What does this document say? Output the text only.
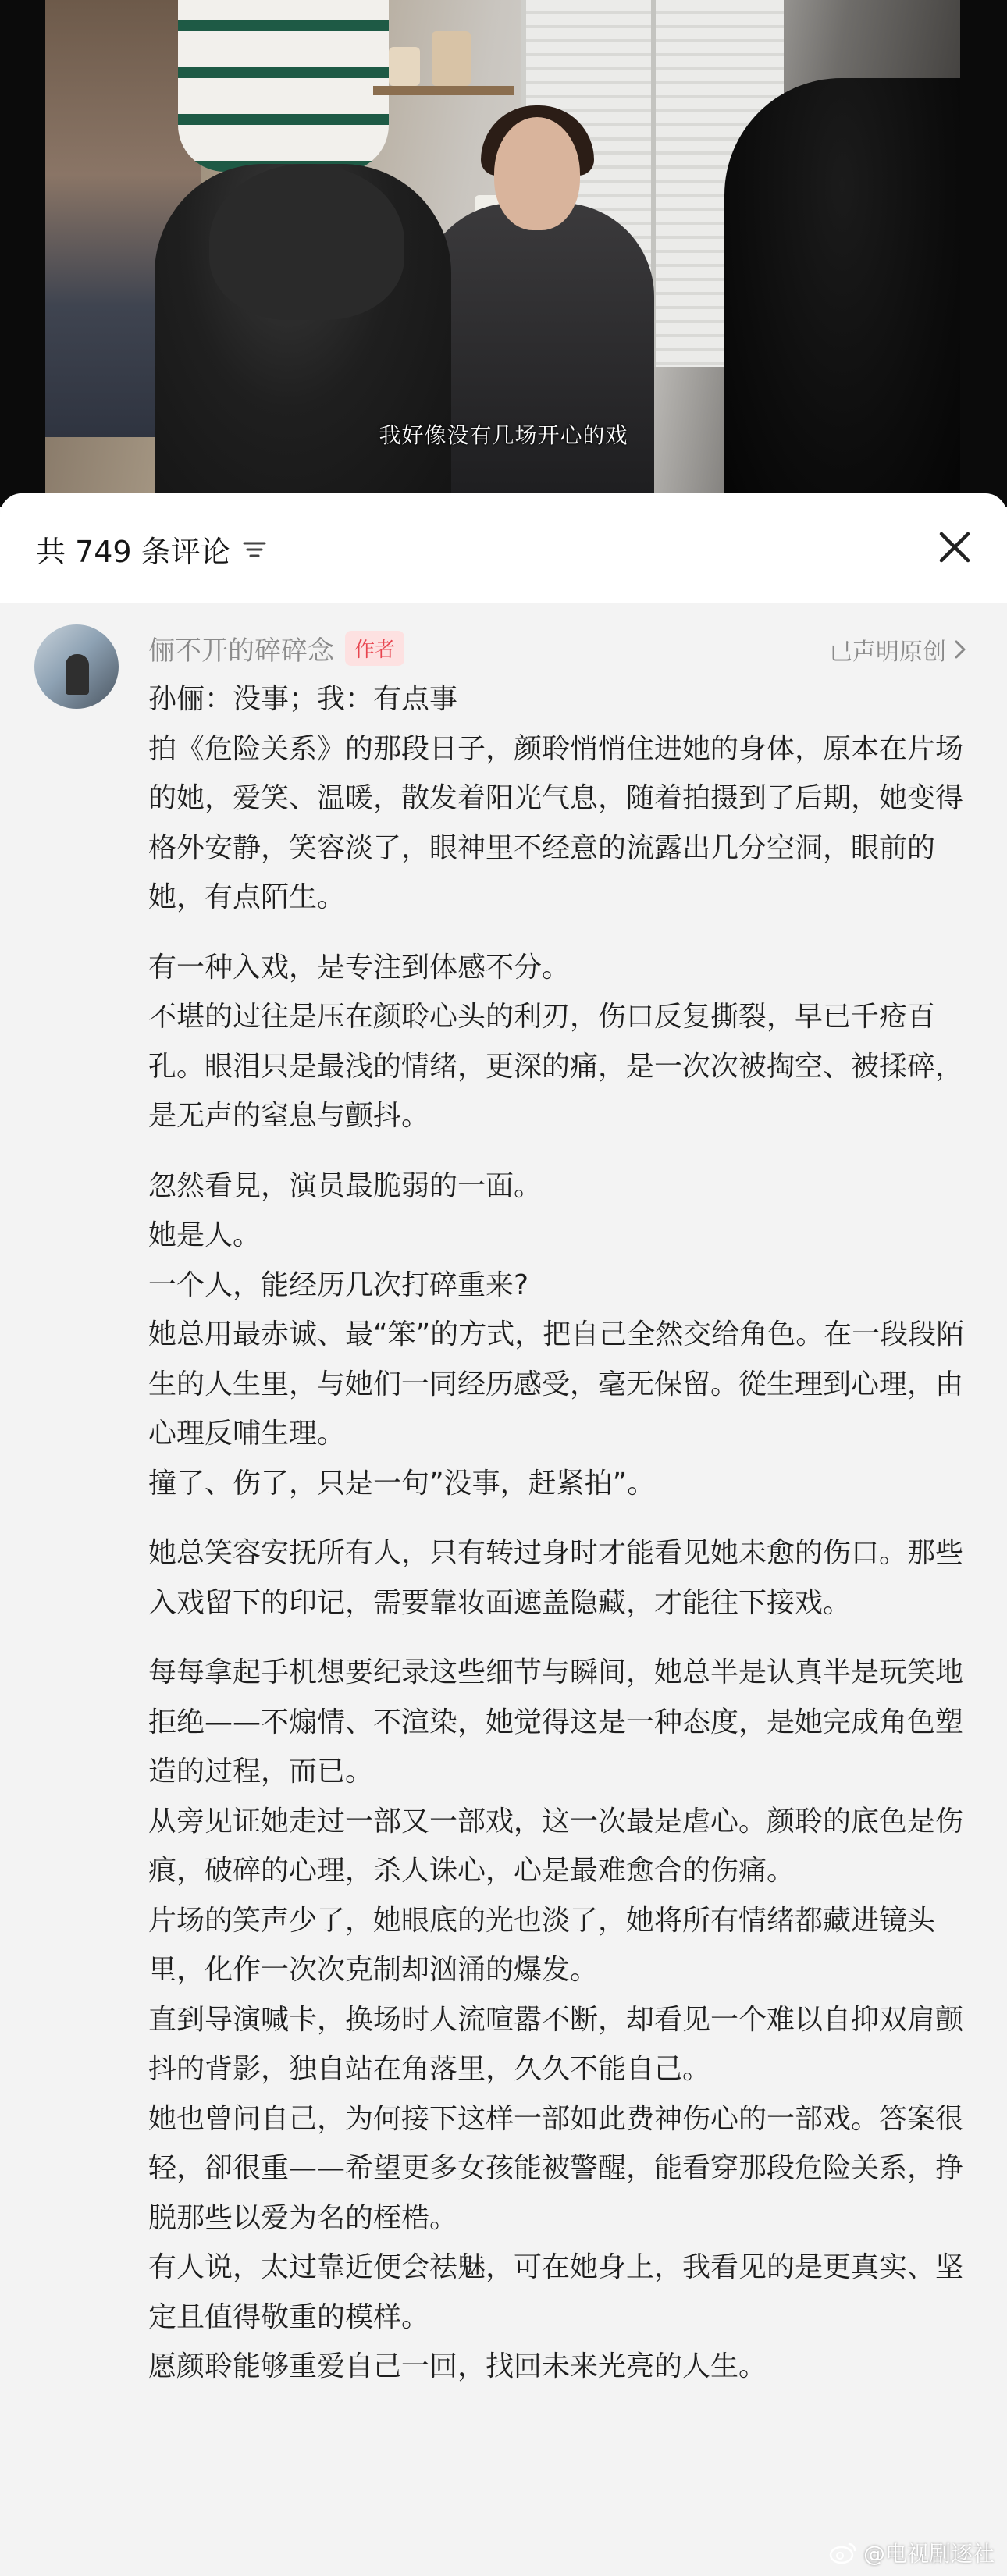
我好像没有几场开心的戏
共 749 条评论
俪不开的碎碎念	作者	已声明原创

孙俪：没事；我：有点事

拍《危险关系》的那段日子，颜聆悄悄住进她的身体，原本在片场的她，爱笑、温暖，散发着阳光气息，随着拍摄到了后期，她变得格外安静，笑容淡了，眼神里不经意的流露出几分空洞，眼前的她，有点陌生。

有一种入戏，是专注到体感不分。

不堪的过往是压在颜聆心头的利刃，伤口反复撕裂，早已千疮百孔。眼泪只是最浅的情绪，更深的痛，是一次次被掏空、被揉碎，是无声的窒息与颤抖。

忽然看見，演员最脆弱的一面。

她是人。

一个人，能经历几次打碎重来?

她总用最赤诚、最“笨”的方式，把自己全然交给角色。在一段段陌生的人生里，与她们一同经历感受，毫无保留。從生理到心理，由心理反哺生理。

撞了、伤了，只是一句”没事，赶紧拍”。

她总笑容安抚所有人，只有转过身时才能看见她未愈的伤口。那些入戏留下的印记，需要靠妆面遮盖隐藏，才能往下接戏。

每每拿起手机想要纪录这些细节与瞬间，她总半是认真半是玩笑地拒绝——不煽情、不渲染，她觉得这是一种态度，是她完成角色塑造的过程，而已。

从旁见证她走过一部又一部戏，这一次最是虐心。颜聆的底色是伤痕，破碎的心理，杀人诛心，心是最难愈合的伤痛。

片场的笑声少了，她眼底的光也淡了，她将所有情绪都藏进镜头里，化作一次次克制却汹涌的爆发。

直到导演喊卡，换场时人流喧嚣不断，却看见一个难以自抑双肩颤抖的背影，独自站在角落里，久久不能自己。

她也曾问自己，为何接下这样一部如此费神伤心的一部戏。答案很轻，卻很重——希望更多女孩能被警醒，能看穿那段危险关系，挣脱那些以爱为名的桎梏。

有人说，太过靠近便会祛魅，可在她身上，我看见的是更真实、坚定且值得敬重的模样。

愿颜聆能够重爱自己一回，找回未来光亮的人生。

@电视剧逐社
